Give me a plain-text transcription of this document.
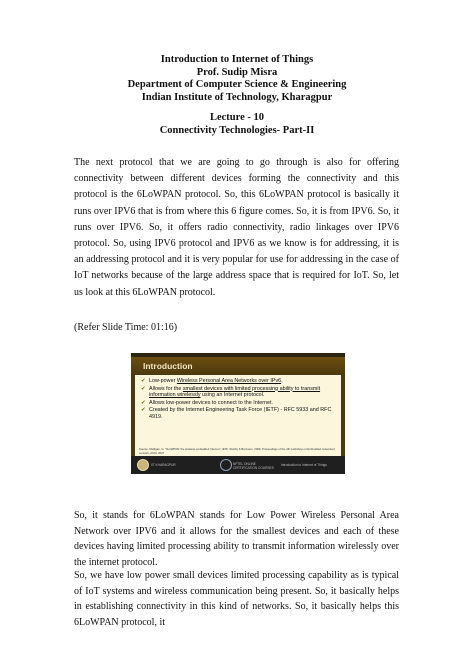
Introduction to Internet of Things
Prof. Sudip Misra
Department of Computer Science & Engineering
Indian Institute of Technology, Kharagpur
Lecture - 10
Connectivity Technologies- Part-II
The next protocol that we are going to go through is also for offering connectivity between different devices forming the connectivity and this protocol is the 6LoWPAN protocol. So, this 6LoWPAN protocol is basically it runs over IPV6 that is from where this 6 figure comes. So, it is from IPV6. So, it runs over IPV6. So, it offers radio connectivity, radio linkages over IPV6 protocol. So, using IPV6 protocol and IPV6 as we know is for addressing, it is an addressing protocol and it is very popular for use for addressing in the case of IoT networks because of the large address space that is required for IoT. So, let us look at this 6LoWPAN protocol.
(Refer Slide Time: 01:16)
Introduction
✔ Low-power Wireless Personal Area Networks over IPv6.
✔ Allows for the smallest devices with limited processing ability to transmit information wirelessly using an Internet protocol.
✔ Allows low-power devices to connect to the Internet.
✔ Created by the Internet Engineering Task Force (IETF) - RFC 5933 and RFC 4919.
Source: Mulligan, G. "6LoWPAN: the wireless embedded Internet", IETF, Shelby & Bormann, 2009. Proceedings of the 4th workshop on Embedded networked sensors, ACM, 2007
IIT KHARAGPUR	NPTEL ONLINE CERTIFICATION COURSES
Introduction to Internet of Things
So, it stands for 6LoWPAN stands for Low Power Wireless Personal Area Network over IPV6 and it allows for the smallest devices and each of these devices having limited processing ability to transmit information wirelessly over the internet protocol.
So, we have low power small devices limited processing capability as is typical of IoT systems and wireless communication being present. So, it basically helps in establishing connectivity in this kind of networks. So, it basically helps this 6LoWPAN protocol, it
